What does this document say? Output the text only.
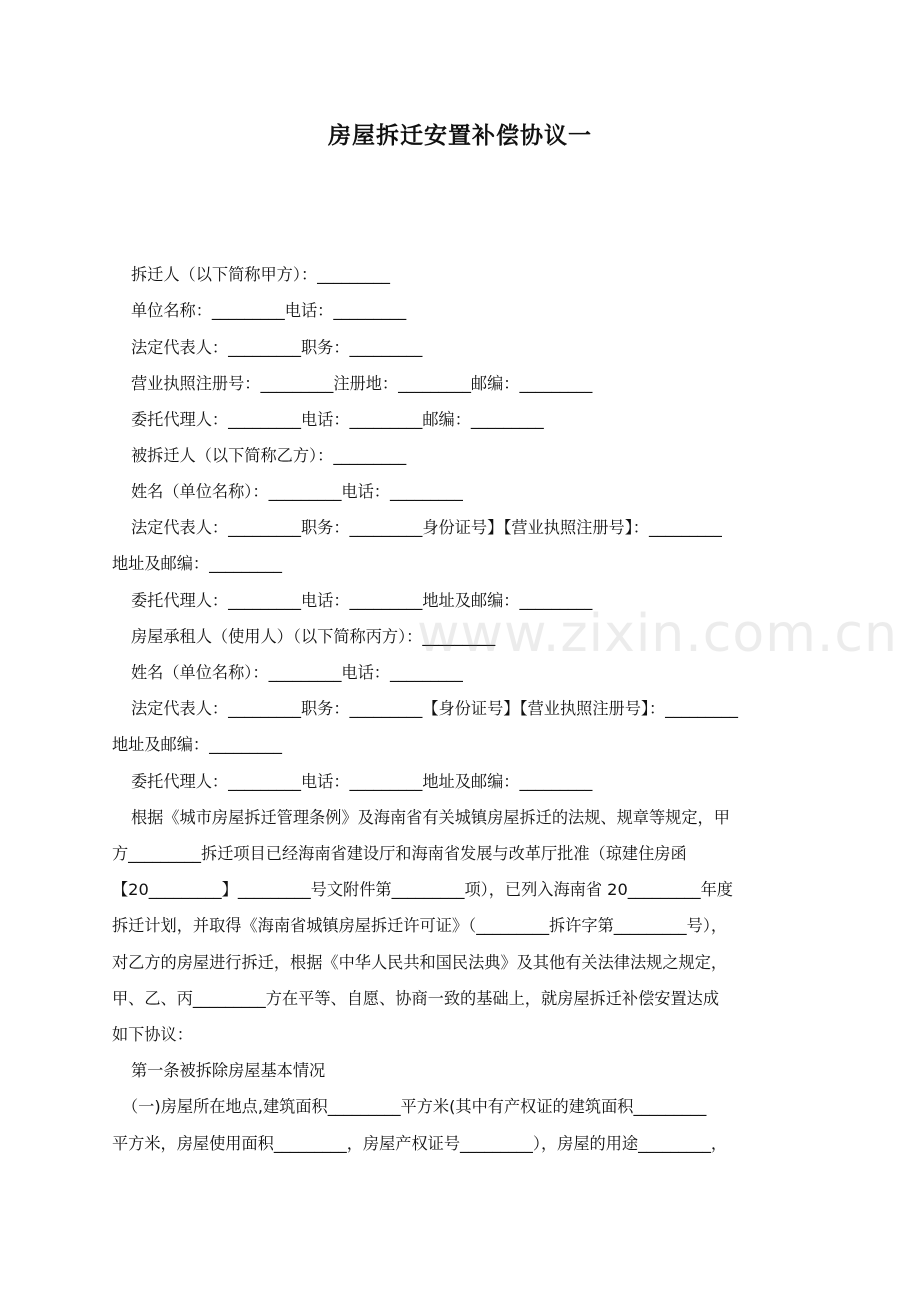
房屋拆迁安置补偿协议一
拆迁人（以下简称甲方）：_________
单位名称：_________电话：_________
法定代表人：_________职务：_________
营业执照注册号：_________注册地：_________邮编：_________
委托代理人：_________电话：_________邮编：_________
被拆迁人（以下简称乙方）：_________
姓名（单位名称）：_________电话：_________
法定代表人：_________职务：_________身份证号】【营业执照注册号】：_________
地址及邮编：_________
委托代理人：_________电话：_________地址及邮编：_________
房屋承租人（使用人）（以下简称丙方）：_________
姓名（单位名称）：_________电话：_________
法定代表人：_________职务：_________【身份证号】【营业执照注册号】：_________
地址及邮编：_________
委托代理人：_________电话：_________地址及邮编：_________
根据《城市房屋拆迁管理条例》及海南省有关城镇房屋拆迁的法规、规章等规定，甲
方_________拆迁项目已经海南省建设厅和海南省发展与改革厅批准（琼建住房函
【20_________】_________号文附件第_________项），已列入海南省 20_________年度
拆迁计划，并取得《海南省城镇房屋拆迁许可证》（_________拆许字第_________号），
对乙方的房屋进行拆迁，根据《中华人民共和国民法典》及其他有关法律法规之规定，
甲、乙、丙_________方在平等、自愿、协商一致的基础上，就房屋拆迁补偿安置达成
如下协议：
第一条被拆除房屋基本情况
（一)房屋所在地点,建筑面积_________平方米(其中有产权证的建筑面积_________
平方米，房屋使用面积_________，房屋产权证号_________），房屋的用途_________，
www.zixin.com.cn
